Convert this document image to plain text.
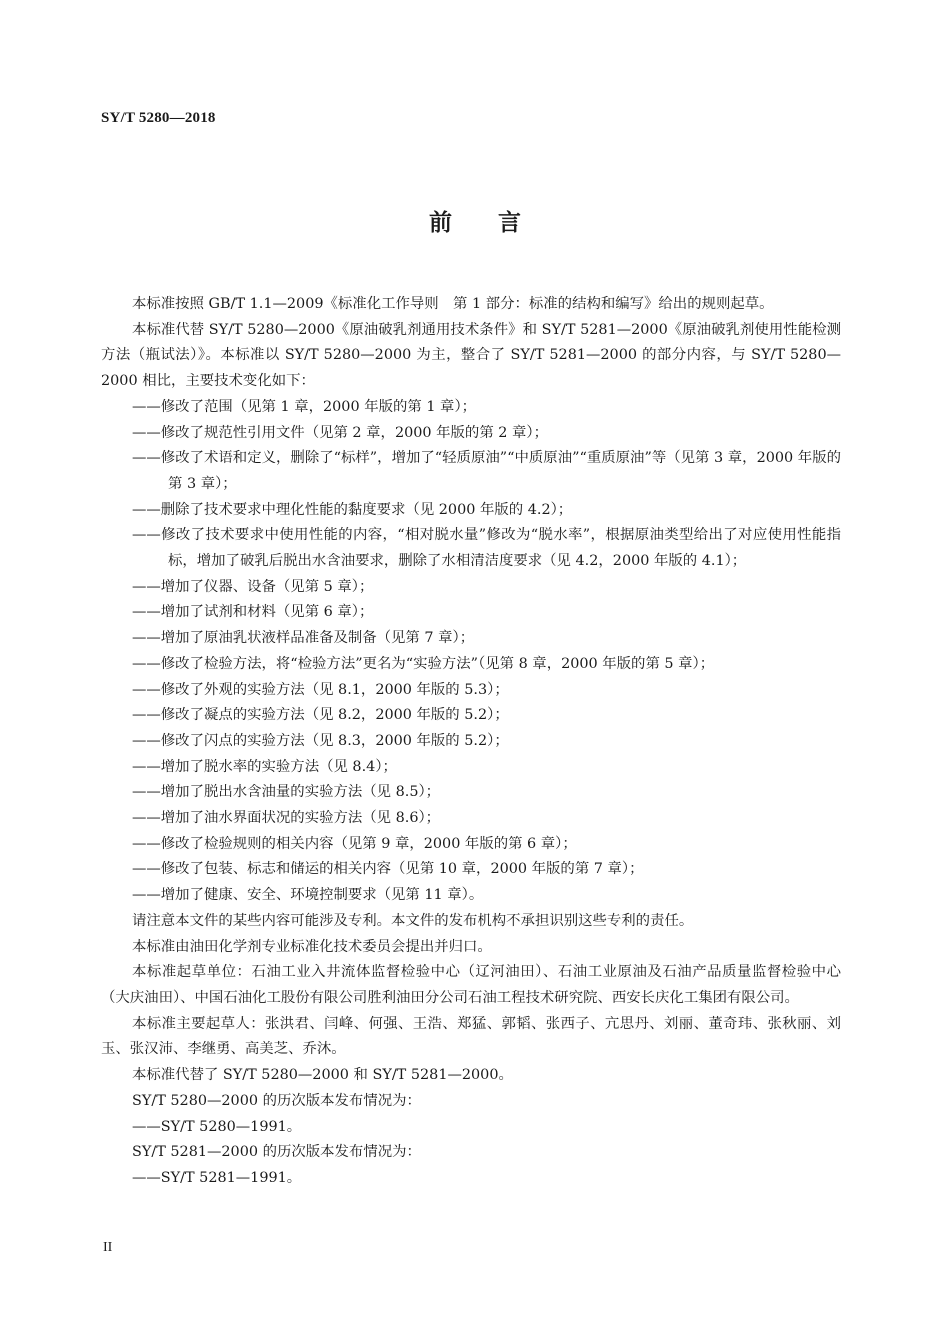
SY/T 5280—2018
前言
本标准按照 GB/T 1.1—2009《标准化工作导则　第 1 部分：标准的结构和编写》给出的规则起草。
本标准代替 SY/T 5280—2000《原油破乳剂通用技术条件》和 SY/T 5281—2000《原油破乳剂使用性能检测方法（瓶试法）》。本标准以 SY/T 5280—2000 为主，整合了 SY/T 5281—2000 的部分内容，与 SY/T 5280—2000 相比，主要技术变化如下：
——修改了范围（见第 1 章，2000 年版的第 1 章）；
——修改了规范性引用文件（见第 2 章，2000 年版的第 2 章）；
——修改了术语和定义，删除了“标样”，增加了“轻质原油”“中质原油”“重质原油”等（见第 3 章，2000 年版的第 3 章）；
——删除了技术要求中理化性能的黏度要求（见 2000 年版的 4.2）；
——修改了技术要求中使用性能的内容，“相对脱水量”修改为“脱水率”，根据原油类型给出了对应使用性能指标，增加了破乳后脱出水含油要求，删除了水相清洁度要求（见 4.2，2000 年版的 4.1）；
——增加了仪器、设备（见第 5 章）；
——增加了试剂和材料（见第 6 章）；
——增加了原油乳状液样品准备及制备（见第 7 章）；
——修改了检验方法，将“检验方法”更名为“实验方法”（见第 8 章，2000 年版的第 5 章）；
——修改了外观的实验方法（见 8.1，2000 年版的 5.3）；
——修改了凝点的实验方法（见 8.2，2000 年版的 5.2）；
——修改了闪点的实验方法（见 8.3，2000 年版的 5.2）；
——增加了脱水率的实验方法（见 8.4）；
——增加了脱出水含油量的实验方法（见 8.5）；
——增加了油水界面状况的实验方法（见 8.6）；
——修改了检验规则的相关内容（见第 9 章，2000 年版的第 6 章）；
——修改了包装、标志和储运的相关内容（见第 10 章，2000 年版的第 7 章）；
——增加了健康、安全、环境控制要求（见第 11 章）。
请注意本文件的某些内容可能涉及专利。本文件的发布机构不承担识别这些专利的责任。
本标准由油田化学剂专业标准化技术委员会提出并归口。
本标准起草单位：石油工业入井流体监督检验中心（辽河油田）、石油工业原油及石油产品质量监督检验中心（大庆油田）、中国石油化工股份有限公司胜利油田分公司石油工程技术研究院、西安长庆化工集团有限公司。
本标准主要起草人：张洪君、闫峰、何强、王浩、郑猛、郭韬、张西子、亢思丹、刘丽、董奇玮、张秋丽、刘玉、张汉沛、李继勇、高美芝、乔沐。
本标准代替了 SY/T 5280—2000 和 SY/T 5281—2000。
SY/T 5280—2000 的历次版本发布情况为：
——SY/T 5280—1991。
SY/T 5281—2000 的历次版本发布情况为：
——SY/T 5281—1991。
II
